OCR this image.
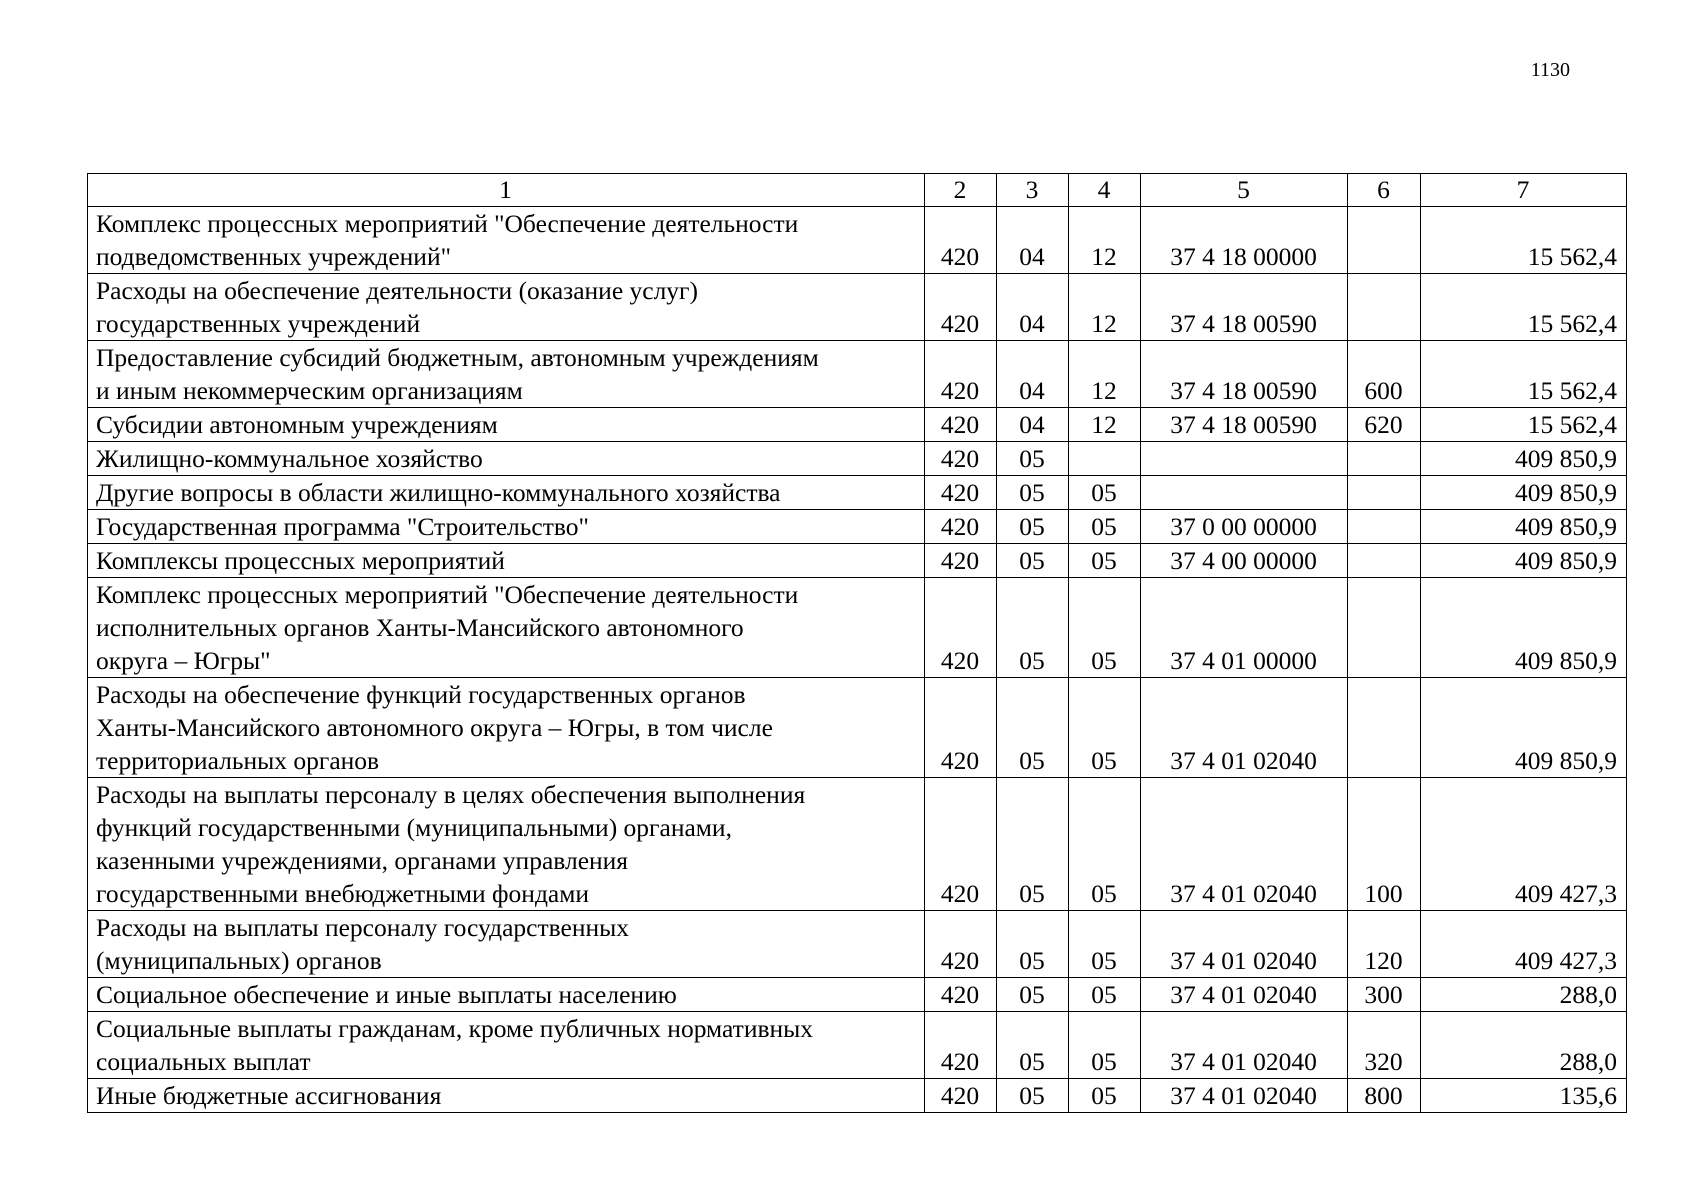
1130
1	2	3	4	5	6	7

Комплекс процессных мероприятий "Обеспечение деятельности
подведомственных учреждений"	420	04	12	37 4 18 00000		15 562,4

Расходы на обеспечение деятельности (оказание услуг)
государственных учреждений	420	04	12	37 4 18 00590		15 562,4

Предоставление субсидий бюджетным, автономным учреждениям
и иным некоммерческим организациям	420	04	12	37 4 18 00590	600	15 562,4

Субсидии автономным учреждениям	420	04	12	37 4 18 00590	620	15 562,4

Жилищно-коммунальное хозяйство	420	05				409 850,9

Другие вопросы в области жилищно-коммунального хозяйства	420	05	05			409 850,9

Государственная программа "Строительство"	420	05	05	37 0 00 00000		409 850,9

Комплексы процессных мероприятий	420	05	05	37 4 00 00000		409 850,9

Комплекс процессных мероприятий "Обеспечение деятельности
исполнительных органов Ханты-Мансийского автономного
округа – Югры"	420	05	05	37 4 01 00000		409 850,9

Расходы на обеспечение функций государственных органов
Ханты-Мансийского автономного округа – Югры, в том числе
территориальных органов	420	05	05	37 4 01 02040		409 850,9

Расходы на выплаты персоналу в целях обеспечения выполнения
функций государственными (муниципальными) органами,
казенными учреждениями, органами управления
государственными внебюджетными фондами	420	05	05	37 4 01 02040	100	409 427,3

Расходы на выплаты персоналу государственных
(муниципальных) органов	420	05	05	37 4 01 02040	120	409 427,3

Социальное обеспечение и иные выплаты населению	420	05	05	37 4 01 02040	300	288,0

Социальные выплаты гражданам, кроме публичных нормативных
социальных выплат	420	05	05	37 4 01 02040	320	288,0

Иные бюджетные ассигнования	420	05	05	37 4 01 02040	800	135,6
